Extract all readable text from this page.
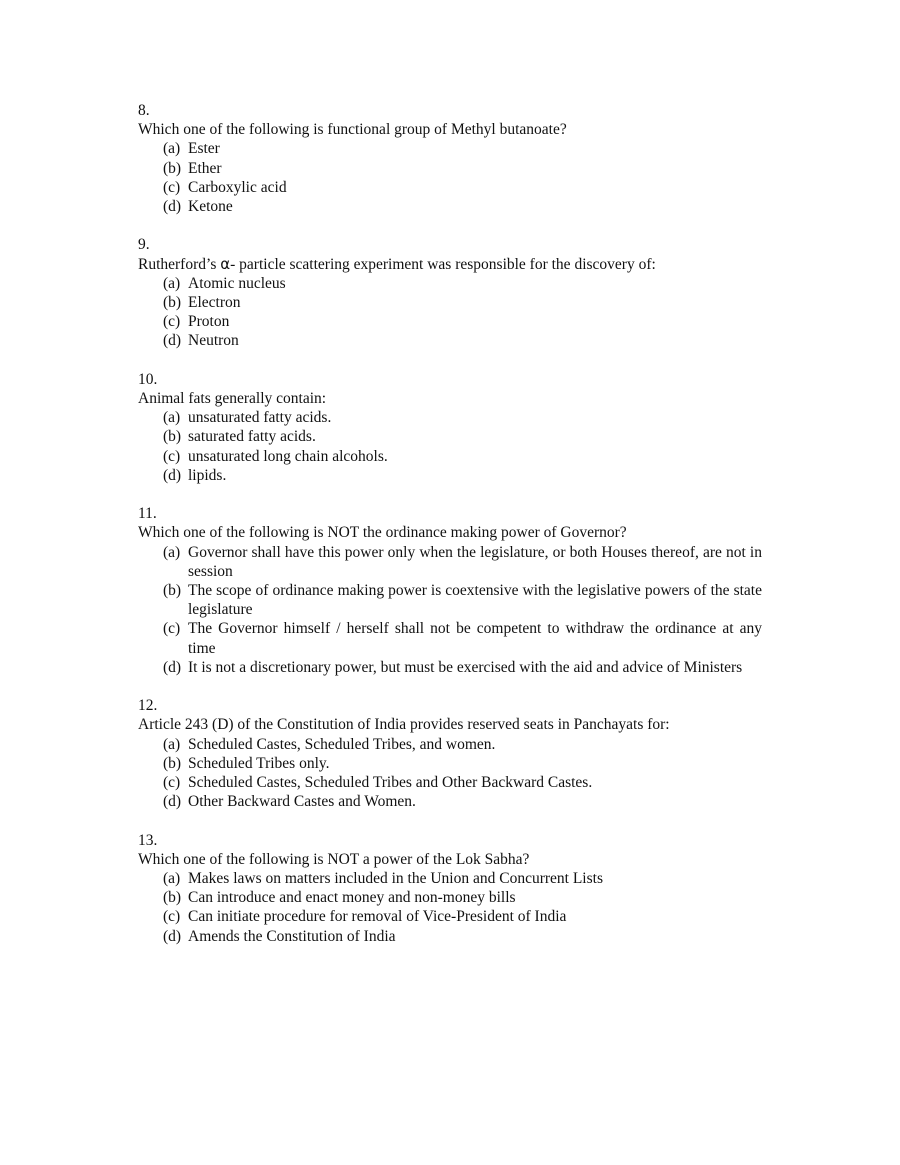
8.
Which one of the following is functional group of Methyl butanoate?
(a) Ester
(b) Ether
(c) Carboxylic acid
(d) Ketone
9.
Rutherford’s α- particle scattering experiment was responsible for the discovery of:
(a) Atomic nucleus
(b) Electron
(c) Proton
(d) Neutron
10.
Animal fats generally contain:
(a) unsaturated fatty acids.
(b) saturated fatty acids.
(c) unsaturated long chain alcohols.
(d) lipids.
11.
Which one of the following is NOT the ordinance making power of Governor?
(a) Governor shall have this power only when the legislature, or both Houses thereof, are not in session
(b) The scope of ordinance making power is coextensive with the legislative powers of the state legislature
(c) The Governor himself / herself shall not be competent to withdraw the ordinance at any time
(d) It is not a discretionary power, but must be exercised with the aid and advice of Ministers
12.
Article 243 (D) of the Constitution of India provides reserved seats in Panchayats for:
(a) Scheduled Castes, Scheduled Tribes, and women.
(b) Scheduled Tribes only.
(c) Scheduled Castes, Scheduled Tribes and Other Backward Castes.
(d) Other Backward Castes and Women.
13.
Which one of the following is NOT a power of the Lok Sabha?
(a) Makes laws on matters included in the Union and Concurrent Lists
(b) Can introduce and enact money and non-money bills
(c) Can initiate procedure for removal of Vice-President of India
(d) Amends the Constitution of India
